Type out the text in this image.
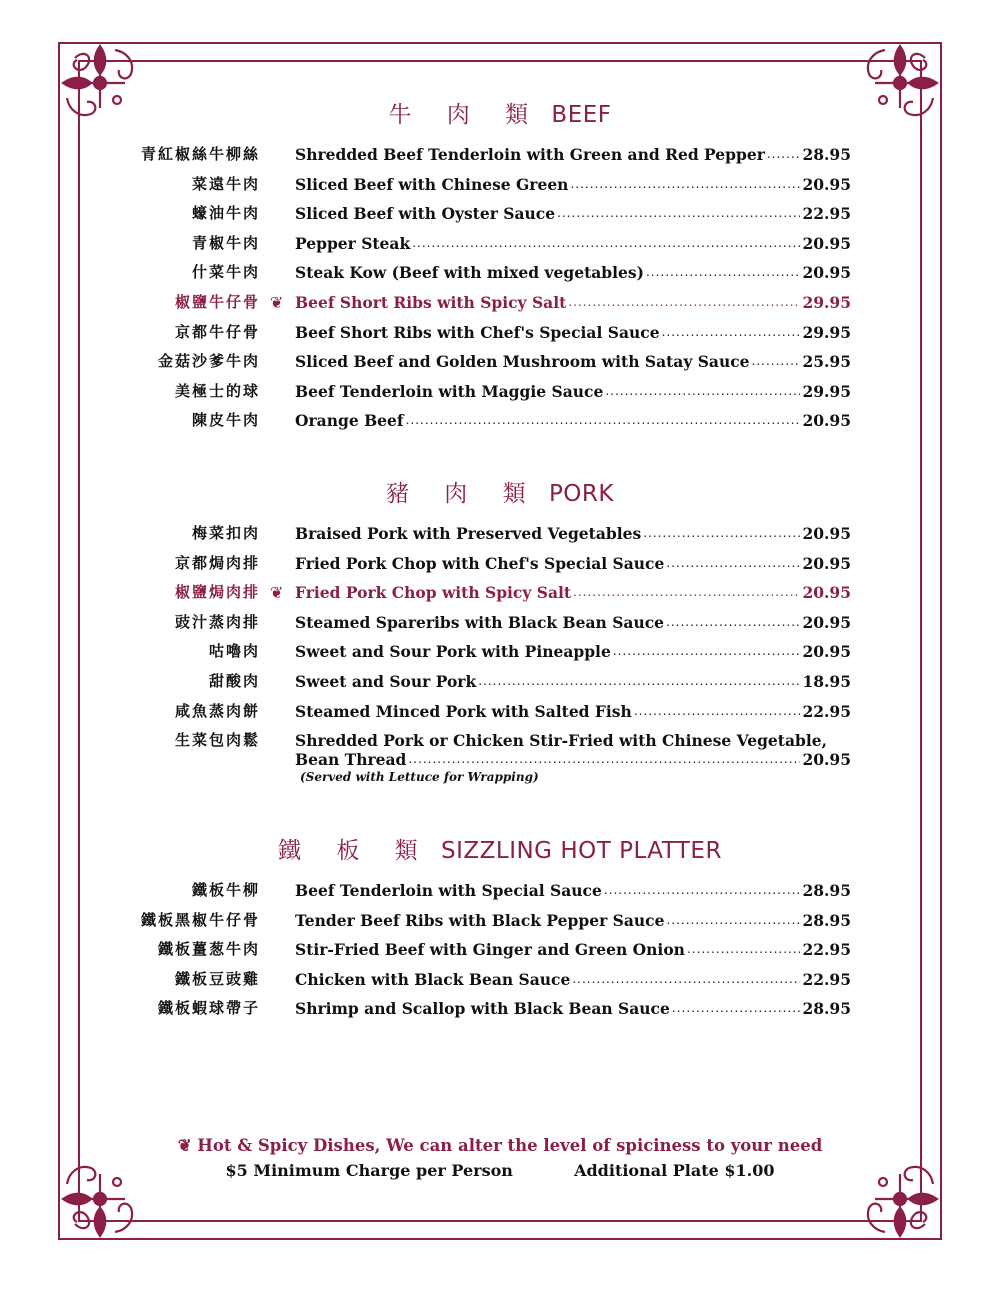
牛 肉 類 BEEF
青紅椒絲牛柳絲 Shredded Beef Tenderloin with Green and Red Pepper ..... 28.95
菜遠牛肉 Sliced Beef with Chinese Green .....	20.95
蠔油牛肉 Sliced Beef with Oyster Sauce .....	22.95
青椒牛肉 Pepper Steak .....	20.95
什菜牛肉 Steak Kow (Beef with mixed vegetables) .....	20.95
椒鹽牛仔骨 ❦ Beef Short Ribs with Spicy Salt .....	29.95
京都牛仔骨 Beef Short Ribs with Chef's Special Sauce .....	29.95
金菇沙爹牛肉 Sliced Beef and Golden Mushroom with Satay Sauce .....	25.95
美極士的球 Beef Tenderloin with Maggie Sauce .....	29.95
陳皮牛肉 Orange Beef .....	20.95
豬 肉 類 PORK
梅菜扣肉 Braised Pork with Preserved Vegetables .....	20.95
京都焗肉排 Fried Pork Chop with Chef's Special Sauce .....	20.95
椒鹽焗肉排 ❦ Fried Pork Chop with Spicy Salt .....	20.95
豉汁蒸肉排 Steamed Spareribs with Black Bean Sauce .....	20.95
咕嚕肉 Sweet and Sour Pork with Pineapple .....	20.95
甜酸肉 Sweet and Sour Pork .....	18.95
咸魚蒸肉餅 Steamed Minced Pork with Salted Fish .....	22.95
生菜包肉鬆 Shredded Pork or Chicken Stir-Fried with Chinese Vegetable,
Bean Thread .....	20.95
(Served with Lettuce for Wrapping)
鐵 板 類 SIZZLING HOT PLATTER
鐵板牛柳 Beef Tenderloin with Special Sauce .....	28.95
鐵板黑椒牛仔骨 Tender Beef Ribs with Black Pepper Sauce .....	28.95
鐵板薑葱牛肉 Stir-Fried Beef with Ginger and Green Onion .....	22.95
鐵板豆豉雞 Chicken with Black Bean Sauce .....	22.95
鐵板蝦球帶子 Shrimp and Scallop with Black Bean Sauce .....	28.95
❦ Hot & Spicy Dishes, We can alter the level of spiciness to your need
$5 Minimum Charge per Person	Additional Plate $1.00
